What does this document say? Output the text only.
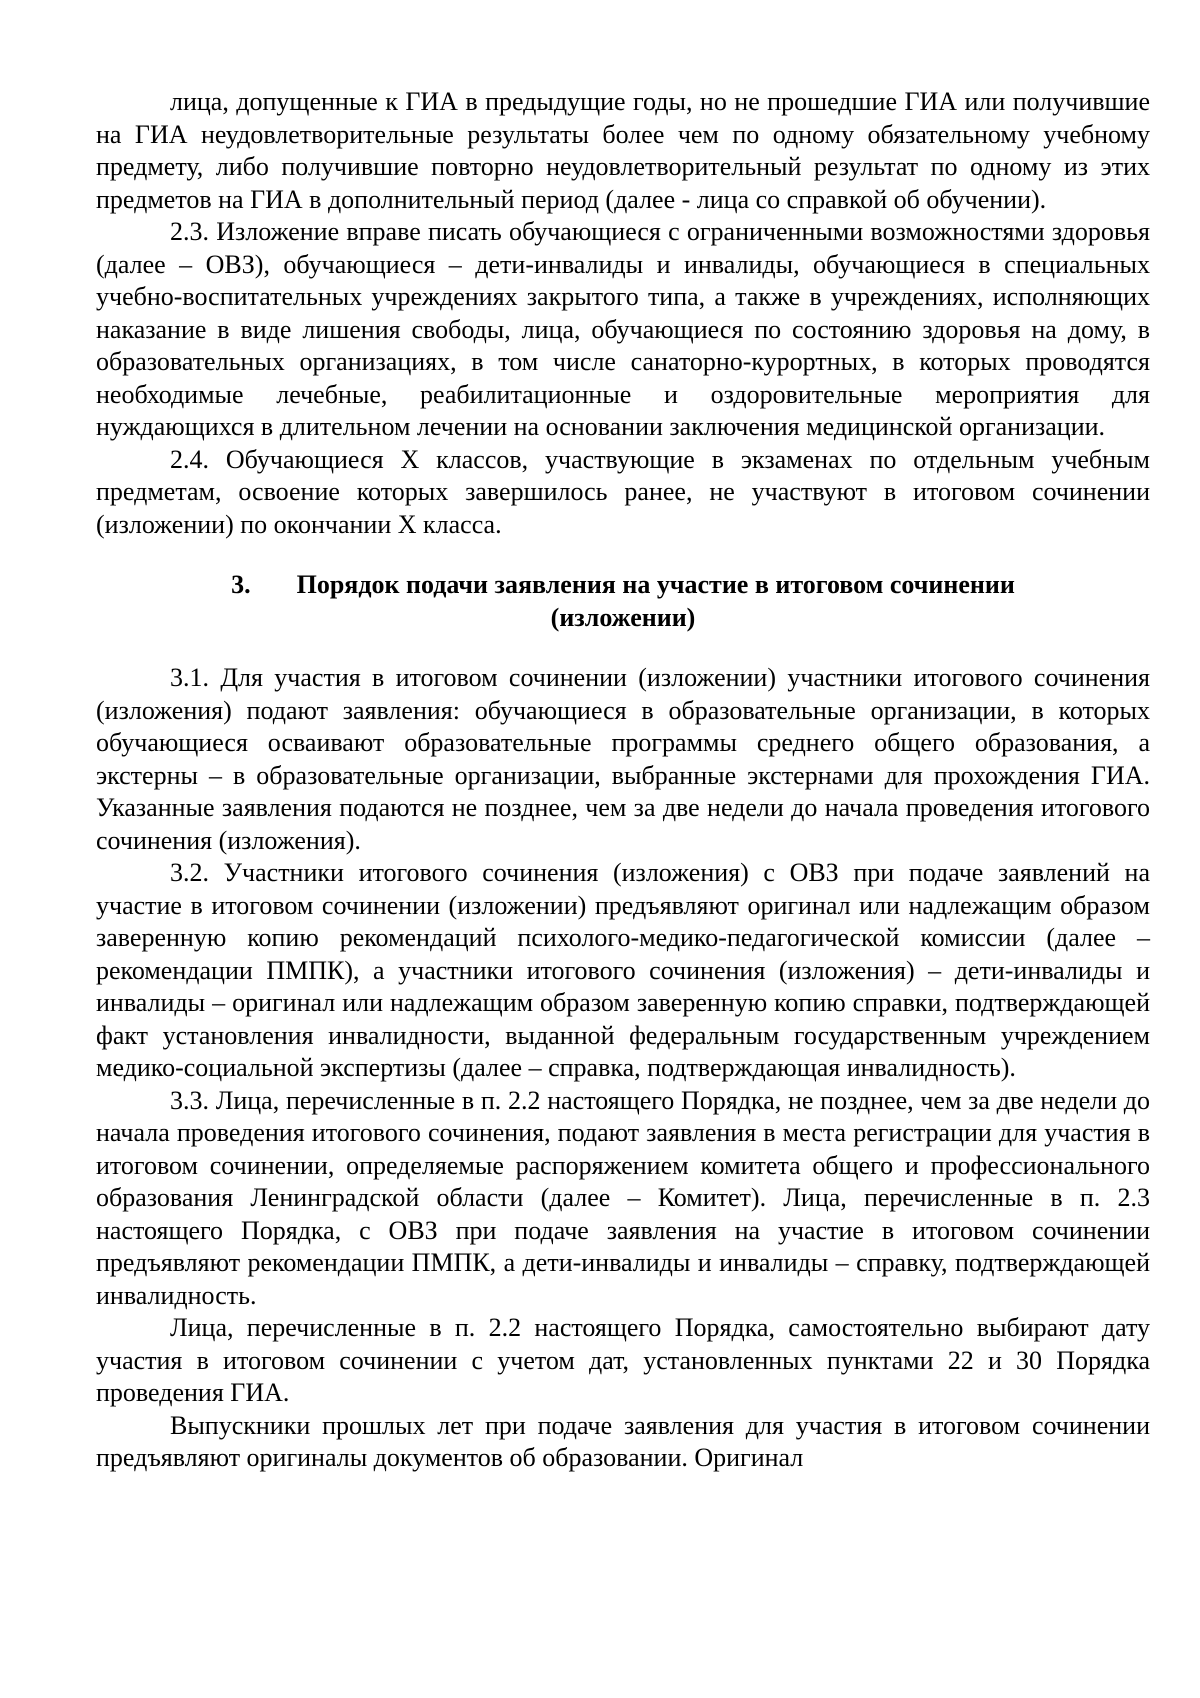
лица, допущенные к ГИА в предыдущие годы, но не прошедшие ГИА или получившие на ГИА неудовлетворительные результаты более чем по одному обязательному учебному предмету, либо получившие повторно неудовлетворительный результат по одному из этих предметов на ГИА в дополнительный период (далее - лица со справкой об обучении).

2.3. Изложение вправе писать обучающиеся с ограниченными возможностями здоровья (далее – ОВЗ), обучающиеся – дети-инвалиды и инвалиды, обучающиеся в специальных учебно-воспитательных учреждениях закрытого типа, а также в учреждениях, исполняющих наказание в виде лишения свободы, лица, обучающиеся по состоянию здоровья на дому, в образовательных организациях, в том числе санаторно-курортных, в которых проводятся необходимые лечебные, реабилитационные и оздоровительные мероприятия для нуждающихся в длительном лечении на основании заключения медицинской организации.

2.4. Обучающиеся X классов, участвующие в экзаменах по отдельным учебным предметам, освоение которых завершилось ранее, не участвуют в итоговом сочинении (изложении) по окончании X класса.

3. Порядок подачи заявления на участие в итоговом сочинении (изложении)

3.1. Для участия в итоговом сочинении (изложении) участники итогового сочинения (изложения) подают заявления: обучающиеся в образовательные организации, в которых обучающиеся осваивают образовательные программы среднего общего образования, а экстерны – в образовательные организации, выбранные экстернами для прохождения ГИА. Указанные заявления подаются не позднее, чем за две недели до начала проведения итогового сочинения (изложения).

3.2. Участники итогового сочинения (изложения) с ОВЗ при подаче заявлений на участие в итоговом сочинении (изложении) предъявляют оригинал или надлежащим образом заверенную копию рекомендаций психолого-медико-педагогической комиссии (далее – рекомендации ПМПК), а участники итогового сочинения (изложения) – дети-инвалиды и инвалиды – оригинал или надлежащим образом заверенную копию справки, подтверждающей факт установления инвалидности, выданной федеральным государственным учреждением медико-социальной экспертизы (далее – справка, подтверждающая инвалидность).

3.3. Лица, перечисленные в п. 2.2 настоящего Порядка, не позднее, чем за две недели до начала проведения итогового сочинения, подают заявления в места регистрации для участия в итоговом сочинении, определяемые распоряжением комитета общего и профессионального образования Ленинградской области (далее – Комитет). Лица, перечисленные в п. 2.3 настоящего Порядка, с ОВЗ при подаче заявления на участие в итоговом сочинении предъявляют рекомендации ПМПК, а дети-инвалиды и инвалиды – справку, подтверждающей инвалидность.

Лица, перечисленные в п. 2.2 настоящего Порядка, самостоятельно выбирают дату участия в итоговом сочинении с учетом дат, установленных пунктами 22 и 30 Порядка проведения ГИА.

Выпускники прошлых лет при подаче заявления для участия в итоговом сочинении предъявляют оригиналы документов об образовании. Оригинал
